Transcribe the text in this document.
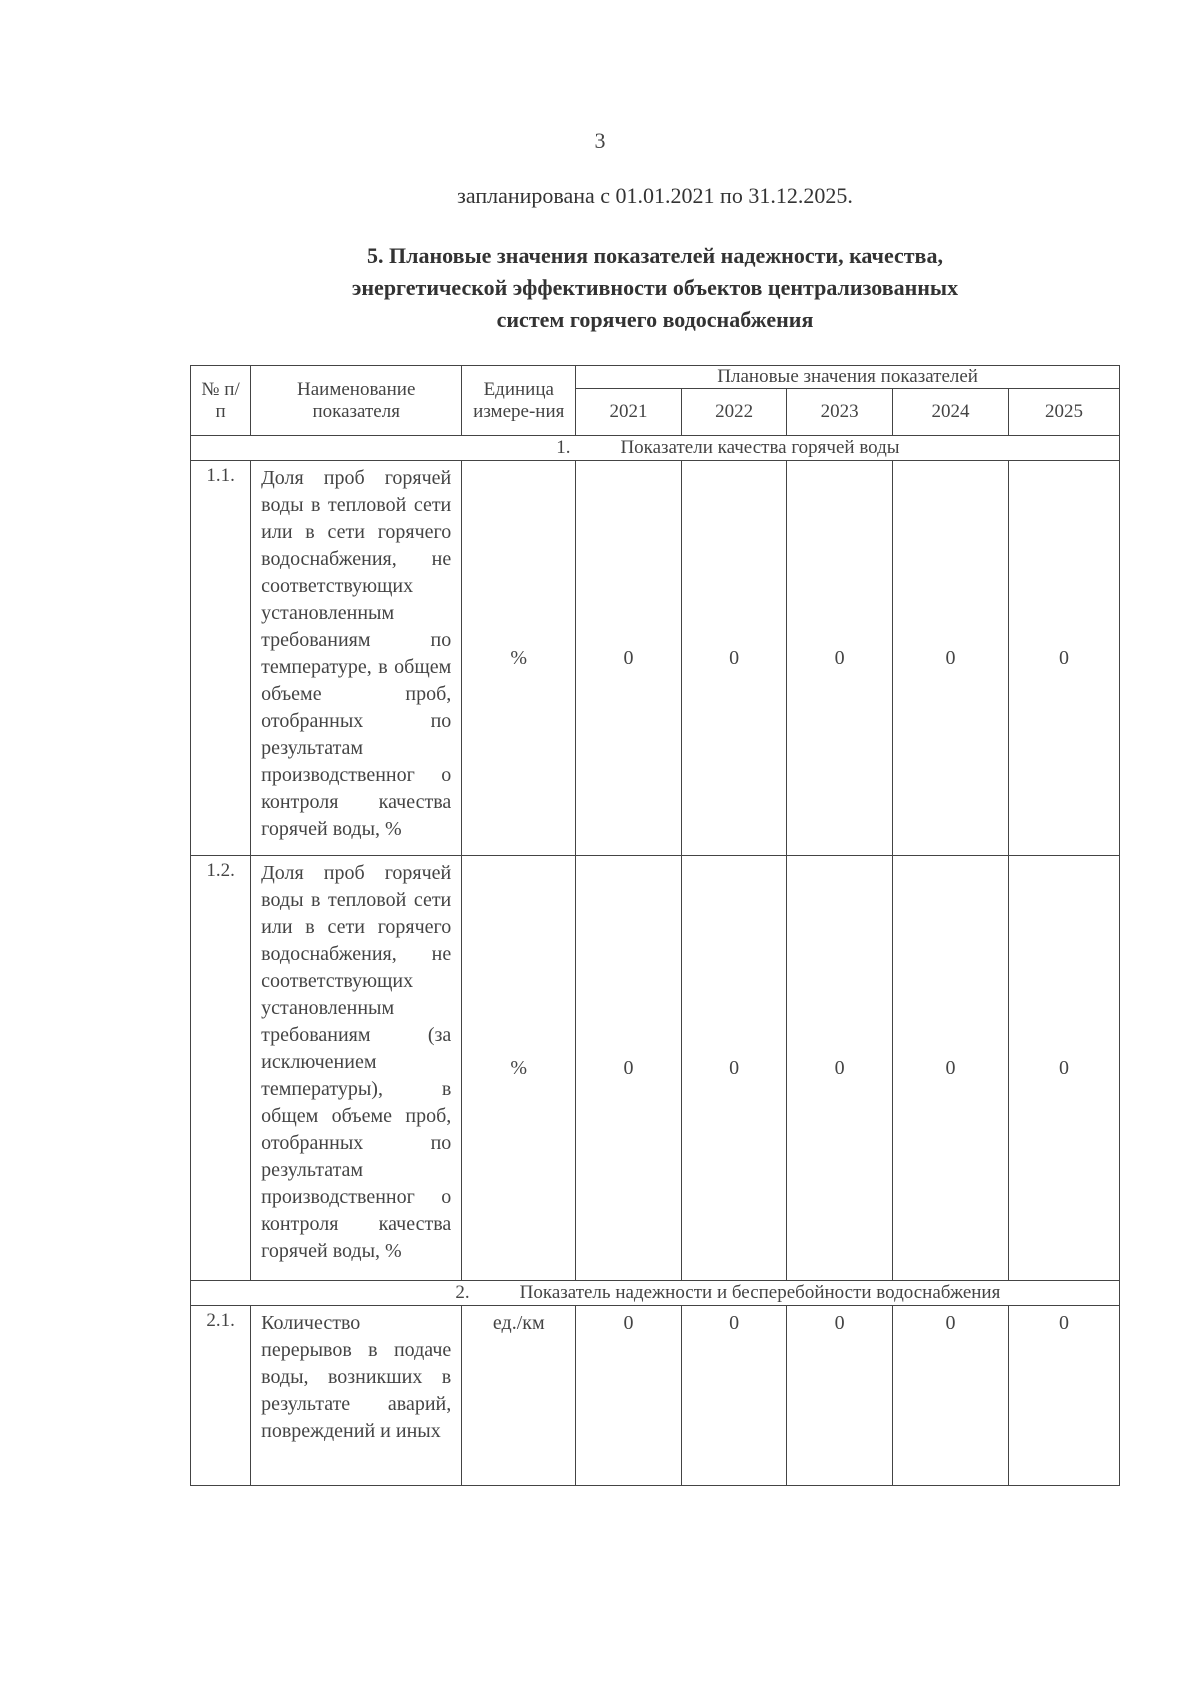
3
запланирована с 01.01.2021 по 31.12.2025.
5. Плановые значения показателей надежности, качества,
энергетической эффективности объектов централизованных
систем горячего водоснабжения
№ п/п	Наименование показателя	Единица измере-ния	Плановые значения показателей				
			2021	2022	2023	2024	2025
1. Показатели качества горячей воды							
1.1.	Доля проб горячей воды в тепловой сети или в сети горячего водоснабжения, не соответствующих установленным требованиям по температуре, в общем объеме проб, отобранных по результатам производственног о контроля качества горячей воды, %	%	0	0	0	0	0
1.2.	Доля проб горячей воды в тепловой сети или в сети горячего водоснабжения, не соответствующих установленным требованиям (за исключением температуры), в общем объеме проб, отобранных по результатам производственног о контроля качества горячей воды, %	%	0	0	0	0	0
2. Показатель надежности и бесперебойности водоснабжения							
2.1.	Количество перерывов в подаче воды, возникших в результате аварий, повреждений и иных	ед./км	0	0	0	0	0
